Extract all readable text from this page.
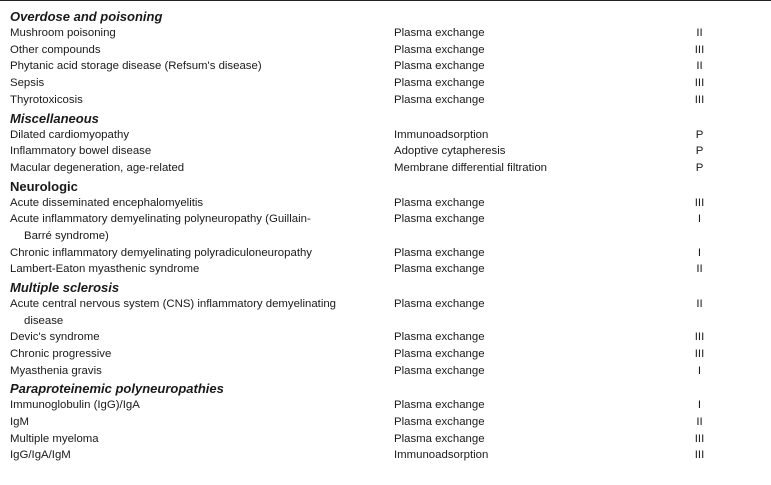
Overdose and poisoning		
Mushroom poisoning	Plasma exchange	II
Other compounds	Plasma exchange	III
Phytanic acid storage disease (Refsum's disease)	Plasma exchange	II
Sepsis	Plasma exchange	III
Thyrotoxicosis	Plasma exchange	III
Miscellaneous		
Dilated cardiomyopathy	Immunoadsorption	P
Inflammatory bowel disease	Adoptive cytapheresis	P
Macular degeneration, age-related	Membrane differential filtration	P
Neurologic		
Acute disseminated encephalomyelitis	Plasma exchange	III
Acute inflammatory demyelinating polyneuropathy (Guillain-
Barré syndrome)	Plasma exchange	I
Chronic inflammatory demyelinating polyradiculoneuropathy	Plasma exchange	I
Lambert-Eaton myasthenic syndrome	Plasma exchange	II
Multiple sclerosis		
Acute central nervous system (CNS) inflammatory demyelinating
disease	Plasma exchange	II
Devic's syndrome	Plasma exchange	III
Chronic progressive	Plasma exchange	III
Myasthenia gravis	Plasma exchange	I
Paraproteinemic polyneuropathies		
Immunoglobulin (IgG)/IgA	Plasma exchange	I
IgM	Plasma exchange	II
Multiple myeloma	Plasma exchange	III
IgG/IgA/IgM	Immunoadsorption	III
